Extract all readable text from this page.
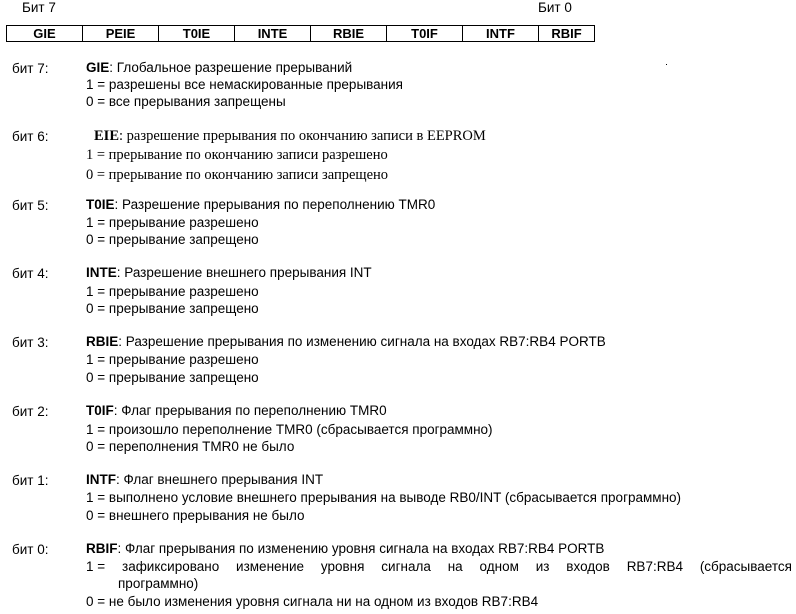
Бит 7	Бит 0
GIE	PEIE	T0IE	INTE	RBIE	T0IF	INTF	RBIF
бит 7:	GIE: Глобальное разрешение прерываний
1 = разрешены все немаскированные прерывания
0 = все прерывания запрещены
бит 6:	EIE: разрешение прерывания по окончанию записи в EEPROM
1 = прерывание по окончанию записи разрешено
0 = прерывание по окончанию записи запрещено
бит 5:	T0IE: Разрешение прерывания по переполнению TMR0
1 = прерывание разрешено
0 = прерывание запрещено
бит 4:	INTE: Разрешение внешнего прерывания INT
1 = прерывание разрешено
0 = прерывание запрещено
бит 3:	RBIE: Разрешение прерывания по изменению сигнала на входах RB7:RB4 PORTB
1 = прерывание разрешено
0 = прерывание запрещено
бит 2:	T0IF: Флаг прерывания по переполнению TMR0
1 = произошло переполнение TMR0 (сбрасывается программно)
0 = переполнения TMR0 не было
бит 1:	INTF: Флаг внешнего прерывания INT
1 = выполнено условие внешнего прерывания на выводе RB0/INT (сбрасывается программно)
0 = внешнего прерывания не было
бит 0:	RBIF: Флаг прерывания по изменению уровня сигнала на входах RB7:RB4 PORTB
1 = зафиксировано изменение уровня сигнала на одном из входов RB7:RB4 (сбрасывается
программно)
0 = не было изменения уровня сигнала ни на одном из входов RB7:RB4
